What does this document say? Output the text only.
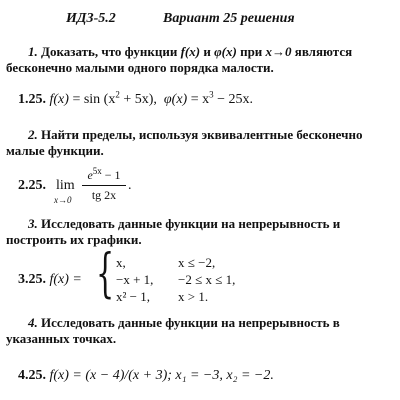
ИДЗ-5.2	Вариант 25 решения
1. Доказать, что функции f(x) и φ(x) при x→0 являются бесконечно малыми одного порядка малости.
1.25. $f(x) = \sin (x^2 + 5x)$, $\varphi(x) = x^3 - 25x$.
2. Найти пределы, используя эквивалентные бесконечно малые функции.
2.25. lim
x→0
$e^{5x} - 1$
tg 2x
.
3. Исследовать данные функции на непрерывность и построить их графики.
3.25. f(x) = { x,	x ≤ −2,
−x + 1, −2 ≤ x ≤ 1,
x² − 1, x > 1.
4. Исследовать данные функции на непрерывность в указанных точках.
4.25. f(x) = (x − 4)/(x + 3); x₁ = −3, x₂ = −2.
